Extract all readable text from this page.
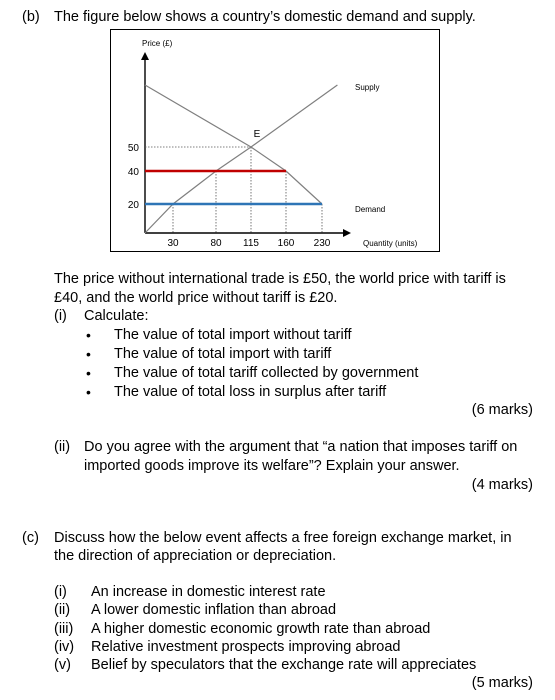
(b) The figure below shows a country’s domestic demand and supply.
Price (£)
Quantity (units)
30	80 115 160 230
50
40
20
Supply
Demand
E
The price without international trade is £50, the world price with tariff is
£40, and the world price without tariff is £20.
(i) Calculate:
• The value of total import without tariff
• The value of total import with tariff
• The value of total tariff collected by government
• The value of total loss in surplus after tariff
(6 marks)
(ii) Do you agree with the argument that “a nation that imposes tariff on
imported goods improve its welfare”? Explain your answer.
(4 marks)
(c) Discuss how the below event affects a free foreign exchange market, in
the direction of appreciation or depreciation.
(i) An increase in domestic interest rate
(ii) A lower domestic inflation than abroad
(iii) A higher domestic economic growth rate than abroad
(iv) Relative investment prospects improving abroad
(v) Belief by speculators that the exchange rate will appreciates
(5 marks)
